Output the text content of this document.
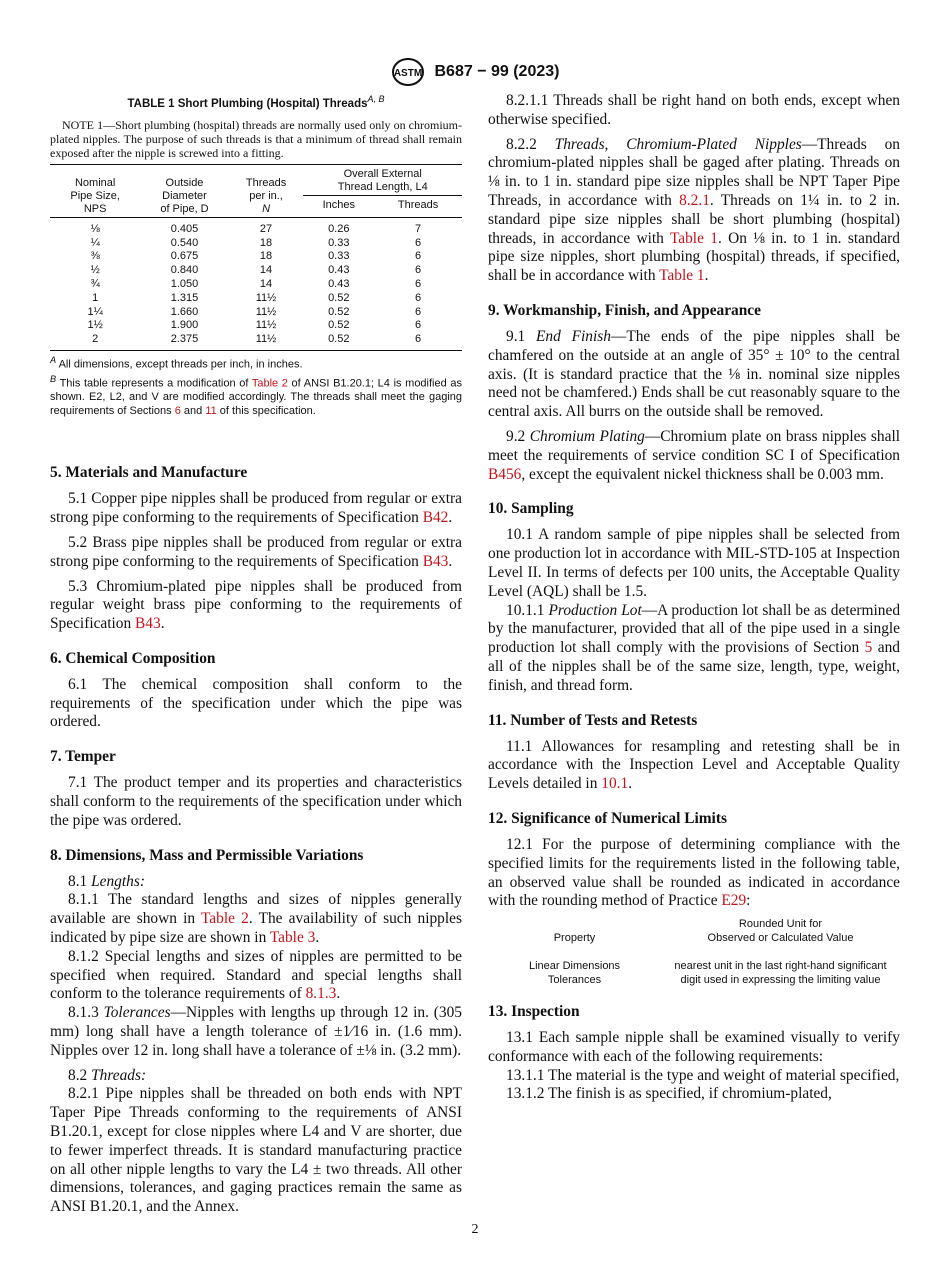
ASTM B687 − 99 (2023)
TABLE 1 Short Plumbing (Hospital) Threads$^{A, B}$
NOTE 1—Short plumbing (hospital) threads are normally used only on chromium-plated nipples. The purpose of such threads is that a minimum of thread shall remain exposed after the nipple is screwed into a fitting.
Nominal
Pipe Size,
NPS	Outside
Diameter
of Pipe, D	Threads
per in.,
N	Overall External
Thread Length, L4	
			Inches	Threads
⅛	0.405	27	0.26	7
¼	0.540	18	0.33	6
⅜	0.675	18	0.33	6
½	0.840	14	0.43	6
¾	1.050	14	0.43	6
1	1.315	11½	0.52	6
1¼	1.660	11½	0.52	6
1½	1.900	11½	0.52	6
2	2.375	11½	0.52	6

$^A$ All dimensions, except threads per inch, in inches.

$^B$ This table represents a modification of Table 2 of ANSI B1.20.1; L4 is modified as shown. E2, L2, and V are modified accordingly. The threads shall meet the gaging requirements of Sections 6 and 11 of this specification.

5. Materials and Manufacture

5.1 Copper pipe nipples shall be produced from regular or extra strong pipe conforming to the requirements of Specification B42.

5.2 Brass pipe nipples shall be produced from regular or extra strong pipe conforming to the requirements of Specification B43.

5.3 Chromium-plated pipe nipples shall be produced from regular weight brass pipe conforming to the requirements of Specification B43.

6. Chemical Composition

6.1 The chemical composition shall conform to the requirements of the specification under which the pipe was ordered.

7. Temper

7.1 The product temper and its properties and characteristics shall conform to the requirements of the specification under which the pipe was ordered.

8. Dimensions, Mass and Permissible Variations

8.1 Lengths:

8.1.1 The standard lengths and sizes of nipples generally available are shown in Table 2. The availability of such nipples indicated by pipe size are shown in Table 3.

8.1.2 Special lengths and sizes of nipples are permitted to be specified when required. Standard and special lengths shall conform to the tolerance requirements of 8.1.3.

8.1.3 Tolerances—Nipples with lengths up through 12 in. (305 mm) long shall have a length tolerance of ±1⁄16 in. (1.6 mm). Nipples over 12 in. long shall have a tolerance of ±⅛ in. (3.2 mm).

8.2 Threads:

8.2.1 Pipe nipples shall be threaded on both ends with NPT Taper Pipe Threads conforming to the requirements of ANSI B1.20.1, except for close nipples where L4 and V are shorter, due to fewer imperfect threads. It is standard manufacturing practice on all other nipple lengths to vary the L4 ± two threads. All other dimensions, tolerances, and gaging practices remain the same as ANSI B1.20.1, and the Annex.

8.2.1.1 Threads shall be right hand on both ends, except when otherwise specified.

8.2.2 Threads, Chromium-Plated Nipples—Threads on chromium-plated nipples shall be gaged after plating. Threads on ⅛ in. to 1 in. standard pipe size nipples shall be NPT Taper Pipe Threads, in accordance with 8.2.1. Threads on 1¼ in. to 2 in. standard pipe size nipples shall be short plumbing (hospital) threads, in accordance with Table 1. On ⅛ in. to 1 in. standard pipe size nipples, short plumbing (hospital) threads, if specified, shall be in accordance with Table 1.

9. Workmanship, Finish, and Appearance

9.1 End Finish—The ends of the pipe nipples shall be chamfered on the outside at an angle of 35° ± 10° to the central axis. (It is standard practice that the ⅛ in. nominal size nipples need not be chamfered.) Ends shall be cut reasonably square to the central axis. All burrs on the outside shall be removed.

9.2 Chromium Plating—Chromium plate on brass nipples shall meet the requirements of service condition SC I of Specification B456, except the equivalent nickel thickness shall be 0.003 mm.

10. Sampling

10.1 A random sample of pipe nipples shall be selected from one production lot in accordance with MIL-STD-105 at Inspection Level II. In terms of defects per 100 units, the Acceptable Quality Level (AQL) shall be 1.5.

10.1.1 Production Lot—A production lot shall be as determined by the manufacturer, provided that all of the pipe used in a single production lot shall comply with the provisions of Section 5 and all of the nipples shall be of the same size, length, type, weight, finish, and thread form.

11. Number of Tests and Retests

11.1 Allowances for resampling and retesting shall be in accordance with the Inspection Level and Acceptable Quality Levels detailed in 10.1.

12. Significance of Numerical Limits

12.1 For the purpose of determining compliance with the specified limits for the requirements listed in the following table, an observed value shall be rounded as indicated in accordance with the rounding method of Practice E29:

Property	Rounded Unit for
Observed or Calculated Value

Linear Dimensions
Tolerances	nearest unit in the last right-hand significant
digit used in expressing the limiting value
13. Inspection

13.1 Each sample nipple shall be examined visually to verify conformance with each of the following requirements:

13.1.1 The material is the type and weight of material specified,

13.1.2 The finish is as specified, if chromium-plated,

2
